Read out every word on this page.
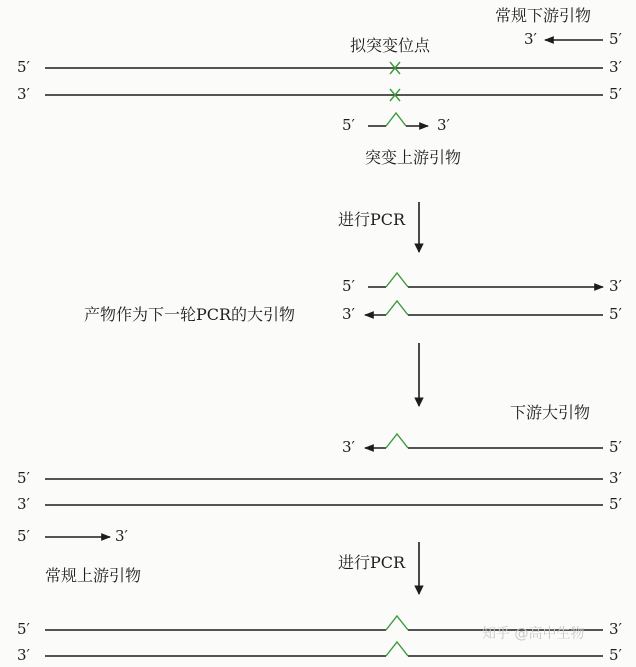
常规下游引物
3′	5′
拟突变位点
5′	3′
3′	5′
5′	3′
突变上游引物
进行PCR
5′	3′
产物作为下一轮PCR的大引物	3′	5′
下游大引物
3′	5′
5′	3′
3′	5′
5′	3′
进行PCR
常规上游引物
5′	3′
3′	5′
知乎 @高中生物
